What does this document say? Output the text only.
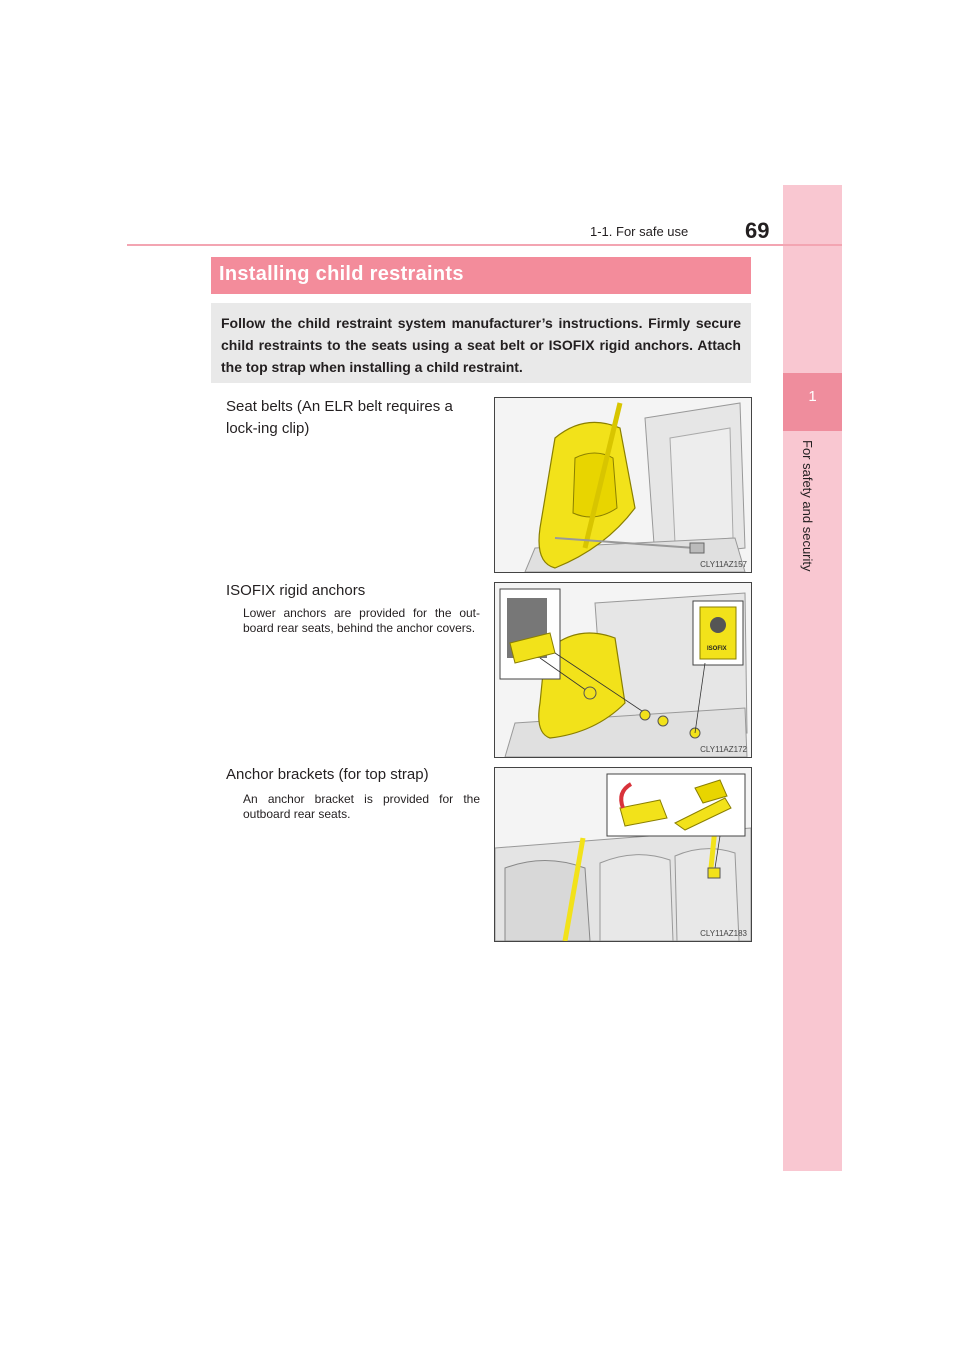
1
For safety and security
1-1. For safe use	69
Installing child restraints
Follow the child restraint system manufacturer’s instructions. Firmly secure child restraints to the seats using a seat belt or ISOFIX rigid anchors. Attach the top strap when installing a child restraint.
Seat belts (An ELR belt requires a lock-ing clip)
CLY11AZ157
ISOFIX rigid anchors
Lower anchors are provided for the out-board rear seats, behind the anchor covers.
ISOFIX
CLY11AZ172
Anchor brackets (for top strap)
An anchor bracket is provided for the outboard rear seats.
CLY11AZ183
